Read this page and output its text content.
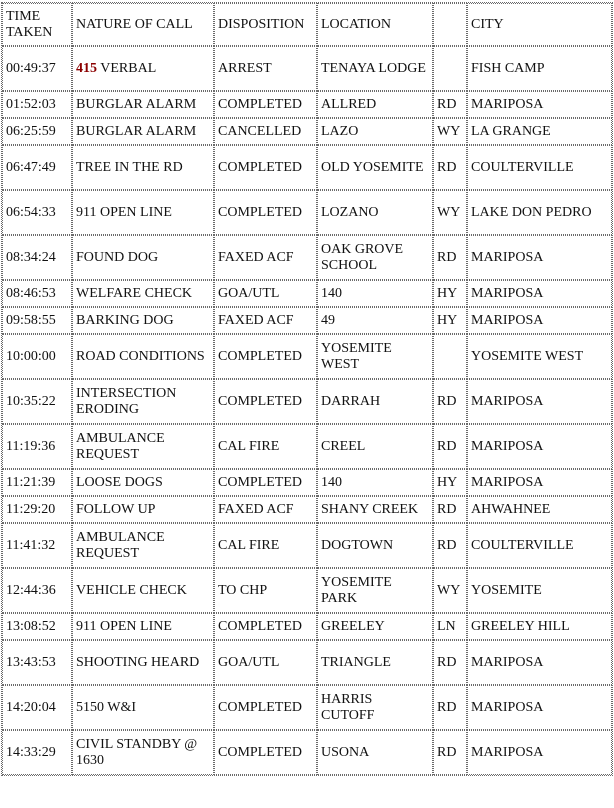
TIME TAKEN	NATURE OF CALL	DISPOSITION	LOCATION		CITY
00:49:37	415 VERBAL	ARREST	TENAYA LODGE		FISH CAMP
01:52:03	BURGLAR ALARM	COMPLETED	ALLRED	RD	MARIPOSA
06:25:59	BURGLAR ALARM	CANCELLED	LAZO	WY	LA GRANGE
06:47:49	TREE IN THE RD	COMPLETED	OLD YOSEMITE	RD	COULTERVILLE
06:54:33	911 OPEN LINE	COMPLETED	LOZANO	WY	LAKE DON PEDRO
08:34:24	FOUND DOG	FAXED ACF	OAK GROVE SCHOOL	RD	MARIPOSA
08:46:53	WELFARE CHECK	GOA/UTL	140	HY	MARIPOSA
09:58:55	BARKING DOG	FAXED ACF	49	HY	MARIPOSA
10:00:00	ROAD CONDITIONS	COMPLETED	YOSEMITE WEST		YOSEMITE WEST
10:35:22	INTERSECTION ERODING	COMPLETED	DARRAH	RD	MARIPOSA
11:19:36	AMBULANCE REQUEST	CAL FIRE	CREEL	RD	MARIPOSA
11:21:39	LOOSE DOGS	COMPLETED	140	HY	MARIPOSA
11:29:20	FOLLOW UP	FAXED ACF	SHANY CREEK	RD	AHWAHNEE
11:41:32	AMBULANCE REQUEST	CAL FIRE	DOGTOWN	RD	COULTERVILLE
12:44:36	VEHICLE CHECK	TO CHP	YOSEMITE PARK	WY	YOSEMITE
13:08:52	911 OPEN LINE	COMPLETED	GREELEY	LN	GREELEY HILL
13:43:53	SHOOTING HEARD	GOA/UTL	TRIANGLE	RD	MARIPOSA
14:20:04	5150 W&I	COMPLETED	HARRIS CUTOFF	RD	MARIPOSA
14:33:29	CIVIL STANDBY @ 1630	COMPLETED	USONA	RD	MARIPOSA
